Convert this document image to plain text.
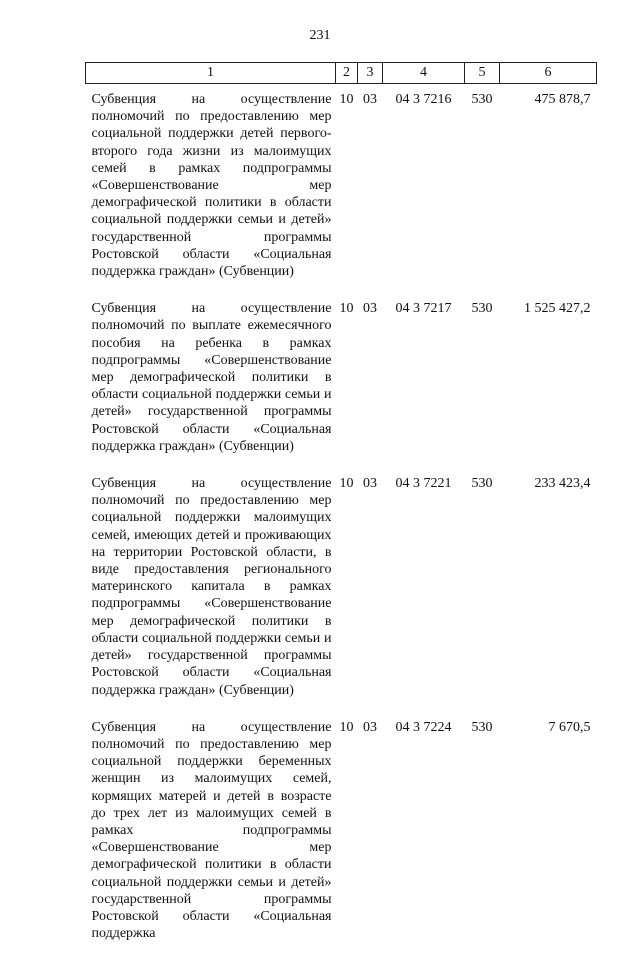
231
1	2	3	4	5	6
Субвенция на осуществление полномочий по предоставлению мер социальной поддержки детей первого-второго года жизни из малоимущих семей в рамках подпрограммы «Совершенствование мер демографической политики в области социальной поддержки семьи и детей» государственной программы Ростовской области «Социальная поддержка граждан» (Субвенции)	10	03	04 3 7216	530	475 878,7
Субвенция на осуществление полномочий по выплате ежемесячного пособия на ребенка в рамках подпрограммы «Совершенствование мер демографической политики в области социальной поддержки семьи и детей» государственной программы Ростовской области «Социальная поддержка граждан» (Субвенции)	10	03	04 3 7217	530	1 525 427,2
Субвенция на осуществление полномочий по предоставлению мер социальной поддержки малоимущих семей, имеющих детей и проживающих на территории Ростовской области, в виде предоставления регионального материнского капитала в рамках подпрограммы «Совершенствование мер демографической политики в области социальной поддержки семьи и детей» государственной программы Ростовской области «Социальная поддержка граждан» (Субвенции)	10	03	04 3 7221	530	233 423,4
Субвенция на осуществление полномочий по предоставлению мер социальной поддержки беременных женщин из малоимущих семей, кормящих матерей и детей в возрасте до трех лет из малоимущих семей в рамках подпрограммы «Совершенствование мер демографической политики в области социальной поддержки семьи и детей» государственной программы Ростовской области «Социальная поддержка	10	03	04 3 7224	530	7 670,5
